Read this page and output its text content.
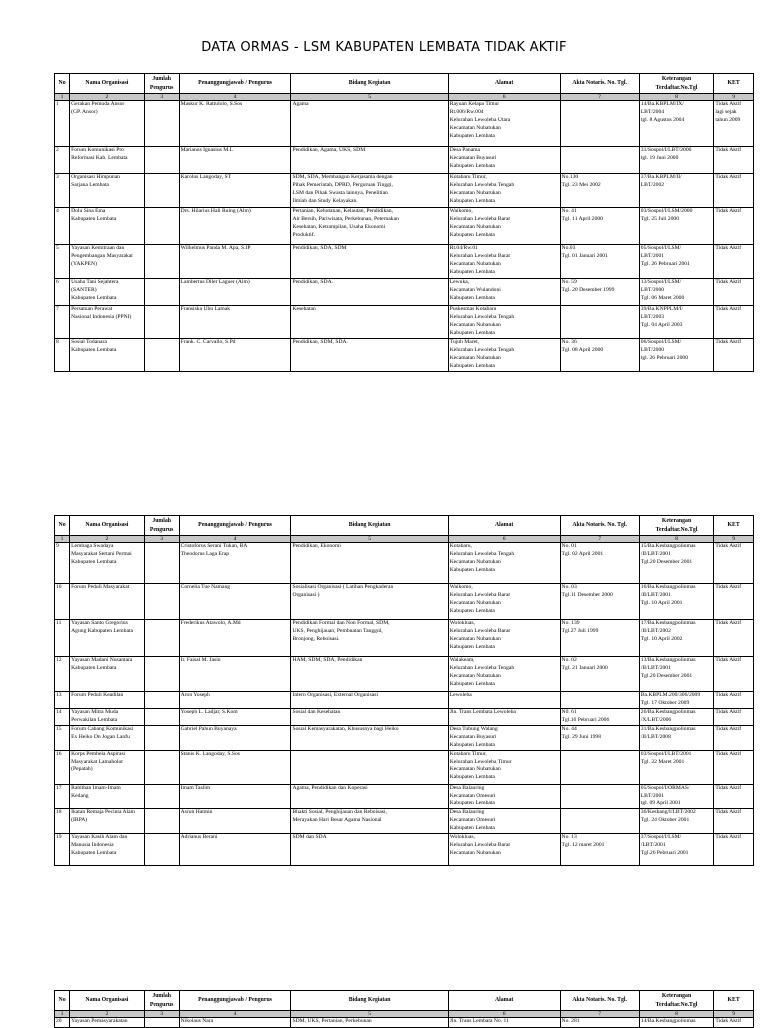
DATA ORMAS - LSM KABUPATEN LEMBATA TIDAK AKTIF
No	Nama Organisasi	Jumlah Pengurus	Penanggungjawab / Pengurus	Bidang Kegiatan	Alamat	Akta Notaris. No. Tgl.	Keterangan Terdaftar.No.Tgl	KET
1	2	3	4	5	6	7	8	9
1	Gerakan Pemuda Ansor
(GP. Ansor)		Maskur K. Rattulolo, S.Sos	Agama	Rayuan Kelapa Timur
Rt.006/Rw.004
Kelurahan Lewoleba Utara
Kecamatan Nubatukan
Kabupaten Lembata		14/Ba.KBPLM/IX/
LBT/2004
tgl. 8 Agustus 2004	Tidak Aktif
lagi sejak
tahun 2009
2	Forum Komunikasi Pro
Reformasi Kab. Lembata		Marianus Ignasius M.L	Pendidikan, Agama, UKS, SDM	Desa Panama
Kecamatan Buyasuri
Kabupaten Lembata		31/Sospol/I/LBT/2000
tgl. 19 Juni 2000	Tidak Aktif
3	Organisasi Himpunan
Sarjana Lembata		Karolus Langoday, ST	SDM, SDA, Membangun Kerjasama dengan
Pihak Pemerintah, DPRD, Perguruan Tinggi,
LSM dan Pihak Swasta lainnya, Penelitian
Ilmiah dan Study Kelayakan.	Kotabaru Timur,
Kelurahan Lewoleba Tengah
Kecamatan Nubatukan
Kabupaten Lembata	No.130
Tgl. 23 Mei 2002	37/Ba.KBPLM/II/
LBT/2002	Tidak Aktif
4	Dolu Sina Ema
Kabupaten Lembata		Drs. Hilarius Hali Ruing (Alm)	Pertanian, Kehutanan, Kelautan, Pendidikan,
Air Bersih, Pariwisata, Perkebunan, Peternakan
Kesehatan, Ketrampilan, Usaha Ekonomi
Produktif.	Waikomo,
Kelurahan Lewoleba Barat
Kecamatan Nubatukan
Kabupaten Lembata	No. 41
Tgl. 11 April 2000	03/Sospol/I/LSM/2000
Tgl. 25 Juli 2000	Tidak Aktif
5	Yayasan Kemitraan dan
Pengembangan Masyarakat
(YAKPEN)		Wilhelmus Panda M. Apa, S.IP	Pendidikan, SDA, SDM	Rt.04/Rw.01
Kelurahan Lewoleba Barat
Kecamatan Nubatukan
Kabupaten Lembata	No.03
Tgl. 01 Januari 2001	05/Sospol/I/LSM/
LBT/2001
Tgl. 26 Pebruari 2001	Tidak Aktif
6	Usaha Tani Sejahtera
(SANTER)
Kabupaten Lembata		Lambertus Diler Laguer (Alm)	Pendidikan, SDA.	Lewuka,
Kecamatan Wulandoni
Kabupaten Lembata	No. 59
Tgl. 20 Desember 1999	13/Sospol/I/LSM/
LBT/2000
Tgl. 06 Maret 2000	Tidak Aktif
7	Persatuan Perawat
Nasional Indonesia (PPNI)		Fransiska Ubu Lamak	Kesehatan	Puskesmas Kotabaru
Kelurahan Lewoleba Tengah
Kecamatan Nubatukan
Kabupaten Lembata		39/Ba.KNPPLM/I/
LBT/2003
Tgl. 04 April 2003	Tidak Aktif
8	Sosial Todanara
Kabupaten Lembata		Frank. C. Carvallo, S.Pd	Pendidikan, SDM, SDA.	Tujuh Maret,
Kelurahan Lewoleba Tengah
Kecamatan Nubatukan
Kabupaten Lembata	No. 36
Tgl. 08 April 2000	06/Sospol/I/LSM/
LBT/2000
tgl. 26 Pebruari 2000	Tidak Aktif
No	Nama Organisasi	Jumlah Pengurus	Penanggungjawab / Pengurus	Bidang Kegiatan	Alamat	Akta Notaris. No. Tgl.	Keterangan Terdaftar.No.Tgl	KET
1	2	3	4	5	6	7	8	9
9	Lembaga Swadaya
Masyarakat Sertani Permai
Kabupaten Lembata		Cristoforus Serani Tukan, BA
Theodorus Laga Erap	Pendidikan, Ekonomi	Kotabaru,
Kelurahan Lewoleba Tengah
Kecamatan Nubatukan
Kabupaten Lembata	No. 01
Tgl. 02 April 2001	15/Ba.Kesbangpolinmas
/II/LBT/2001
Tgl.20 Desember 2001	Tidak Aktif
10	Forum Peduli Masyarakat		Cornelia Tue Namang	Sosialisasi Organisasi ( Latihan Pengkaderan
Organisasi )	Waikomo,
Kelurahan Lewoleba Barat
Kecamatan Nubatukan
Kabupaten Lembata	No. 03
Tgl.11 Desember 2000	16/Ba.Kesbangpolinmas
/II/LBT/2001
Tgl. 10 April 2001	Tidak Aktif
11	Yayasan Santo Gregorius
Agung Kabupaten Lembata		Frederikus Atawolo, A.Md	Pendidikan Formal dan Non Formal, SDM,
UKS, Penghijauan, Pembuatan Tanggul,
Bronjong, Reboisasi.	Wolokluas,
Kelurahan Lewoleba Barat
Kecamatan Nubatukan
Kabupaten Lembata	No. 139
Tgl.27 Juli 1999	17/Ba.Kesbangpolinmas
/II/LBT/2002
Tgl. 10 April 2002	Tidak Aktif
12	Yayasan Madani Nusantara
Kabupaten Lembata		Ir. Faisal M. Jasin	HAM, SDM, SDA, Pendidikan	Walakeam,
Kelurahan Lewoleba Tengah
Kecamatan Nubatukan
Kabupaten Lembata	No. 02
Tgl. 21 Januari 2000	13/Ba.Kesbangpolinmas
/II/LBT/2001
Tgl.20 Desember 2001	Tidak Aktif
13	Forum Peduli Keadilan		Aron Yoseph	Intern Organisasi, External Organisasi	Lewoleba		Ba.KBPLM.200/306/2009
Tgl. 17 Oktober 2009	Tidak Aktif
14	Yayasan Mitra Muda
Perwakilan Lembata		Yoseph L. Ladjar, S.Kom	Sosial dan Kesehatan	Jln. Trans Lembata Lewoleba	N0. 61
Tgl.16 Pebruari 2006	26/Ba.Kesbangpolinmas
/X/LBT/2006	Tidak Aktif
15	Forum Cabang Komunikasi
Ex Heiko Dn Jogan Lanfu		Gabriel Pahun Buyanaya	Sosial Kemasyarakatan, Khususnya bagi Heiko	Desa Tubung Walang
Kecamatan Buyasuri
Kabupaten Lembata	No. 44
Tgl. 29 Juni 1998	31/Ba.Kesbangpolinmas
/II/LBT/2008	Tidak Aktif
16	Korps Pembela Aspirasi
Masyarakat Lamaholot
(Pepatah)		Stanis K. Langoday, S.Sos		Kotabaru Timur,
Kelurahan Lewoleba Timur
Kecamatan Nubatukan
Kabupaten Lembata		03/Sospol/I/LBT/2001
Tgl. 22 Maret 2001	Tidak Aktif
17	Rabithan Imam-Imam
Kedang		Imam Taslim	Agama, Pendidikan dan Koperasi	Desa Balauring
Kecamatan Omesuri
Kabupaten Lembata		05/Sospol/I/ORMAS/
LBT/2001
tgl. 09 April 2001	Tidak Aktif
18	Ikatan Remaja Pecinta Alam
(IRPA)		Asrun Hatmin	Bhakti Sosial, Penghijauan dan Reboisasi,
Merayakan Hari Besar Agama Nasional	Desa Balauring
Kecamatan Omesuri
Kabupaten Lembata		36/Kesbang/I/LBT/2002
Tgl. 24 Oktober 2001	Tidak Aktif
19	Yayasan Kasih Alam dan
Manusia Indonesia
Kabupaten Lembata		Adrianus Berani	SDM dan SDA	Wolokluas,
Kelurahan Lewoleba Barat
Kecamatan Nubatukan	No. 13
Tgl. 12 maret 2001	37/Sospol/I/LSM/
/LBT/2001
Tgl.26 Pebruari 2001	Tidak Aktif
No	Nama Organisasi	Jumlah Pengurus	Penanggungjawab / Pengurus	Bidang Kegiatan	Alamat	Akta Notaris. No. Tgl.	Keterangan Terdaftar.No.Tgl	KET
1	2	3	4	5	6	7	8	9
20	Yayasan Pemasyarakatan		Nikolaus Nara	SDM, UKS, Pertanian, Perkebunan	Jln. Trans Lembata No. 11	No. 281	14/Ba.Kesbangpolinmas	Tidak Aktif
